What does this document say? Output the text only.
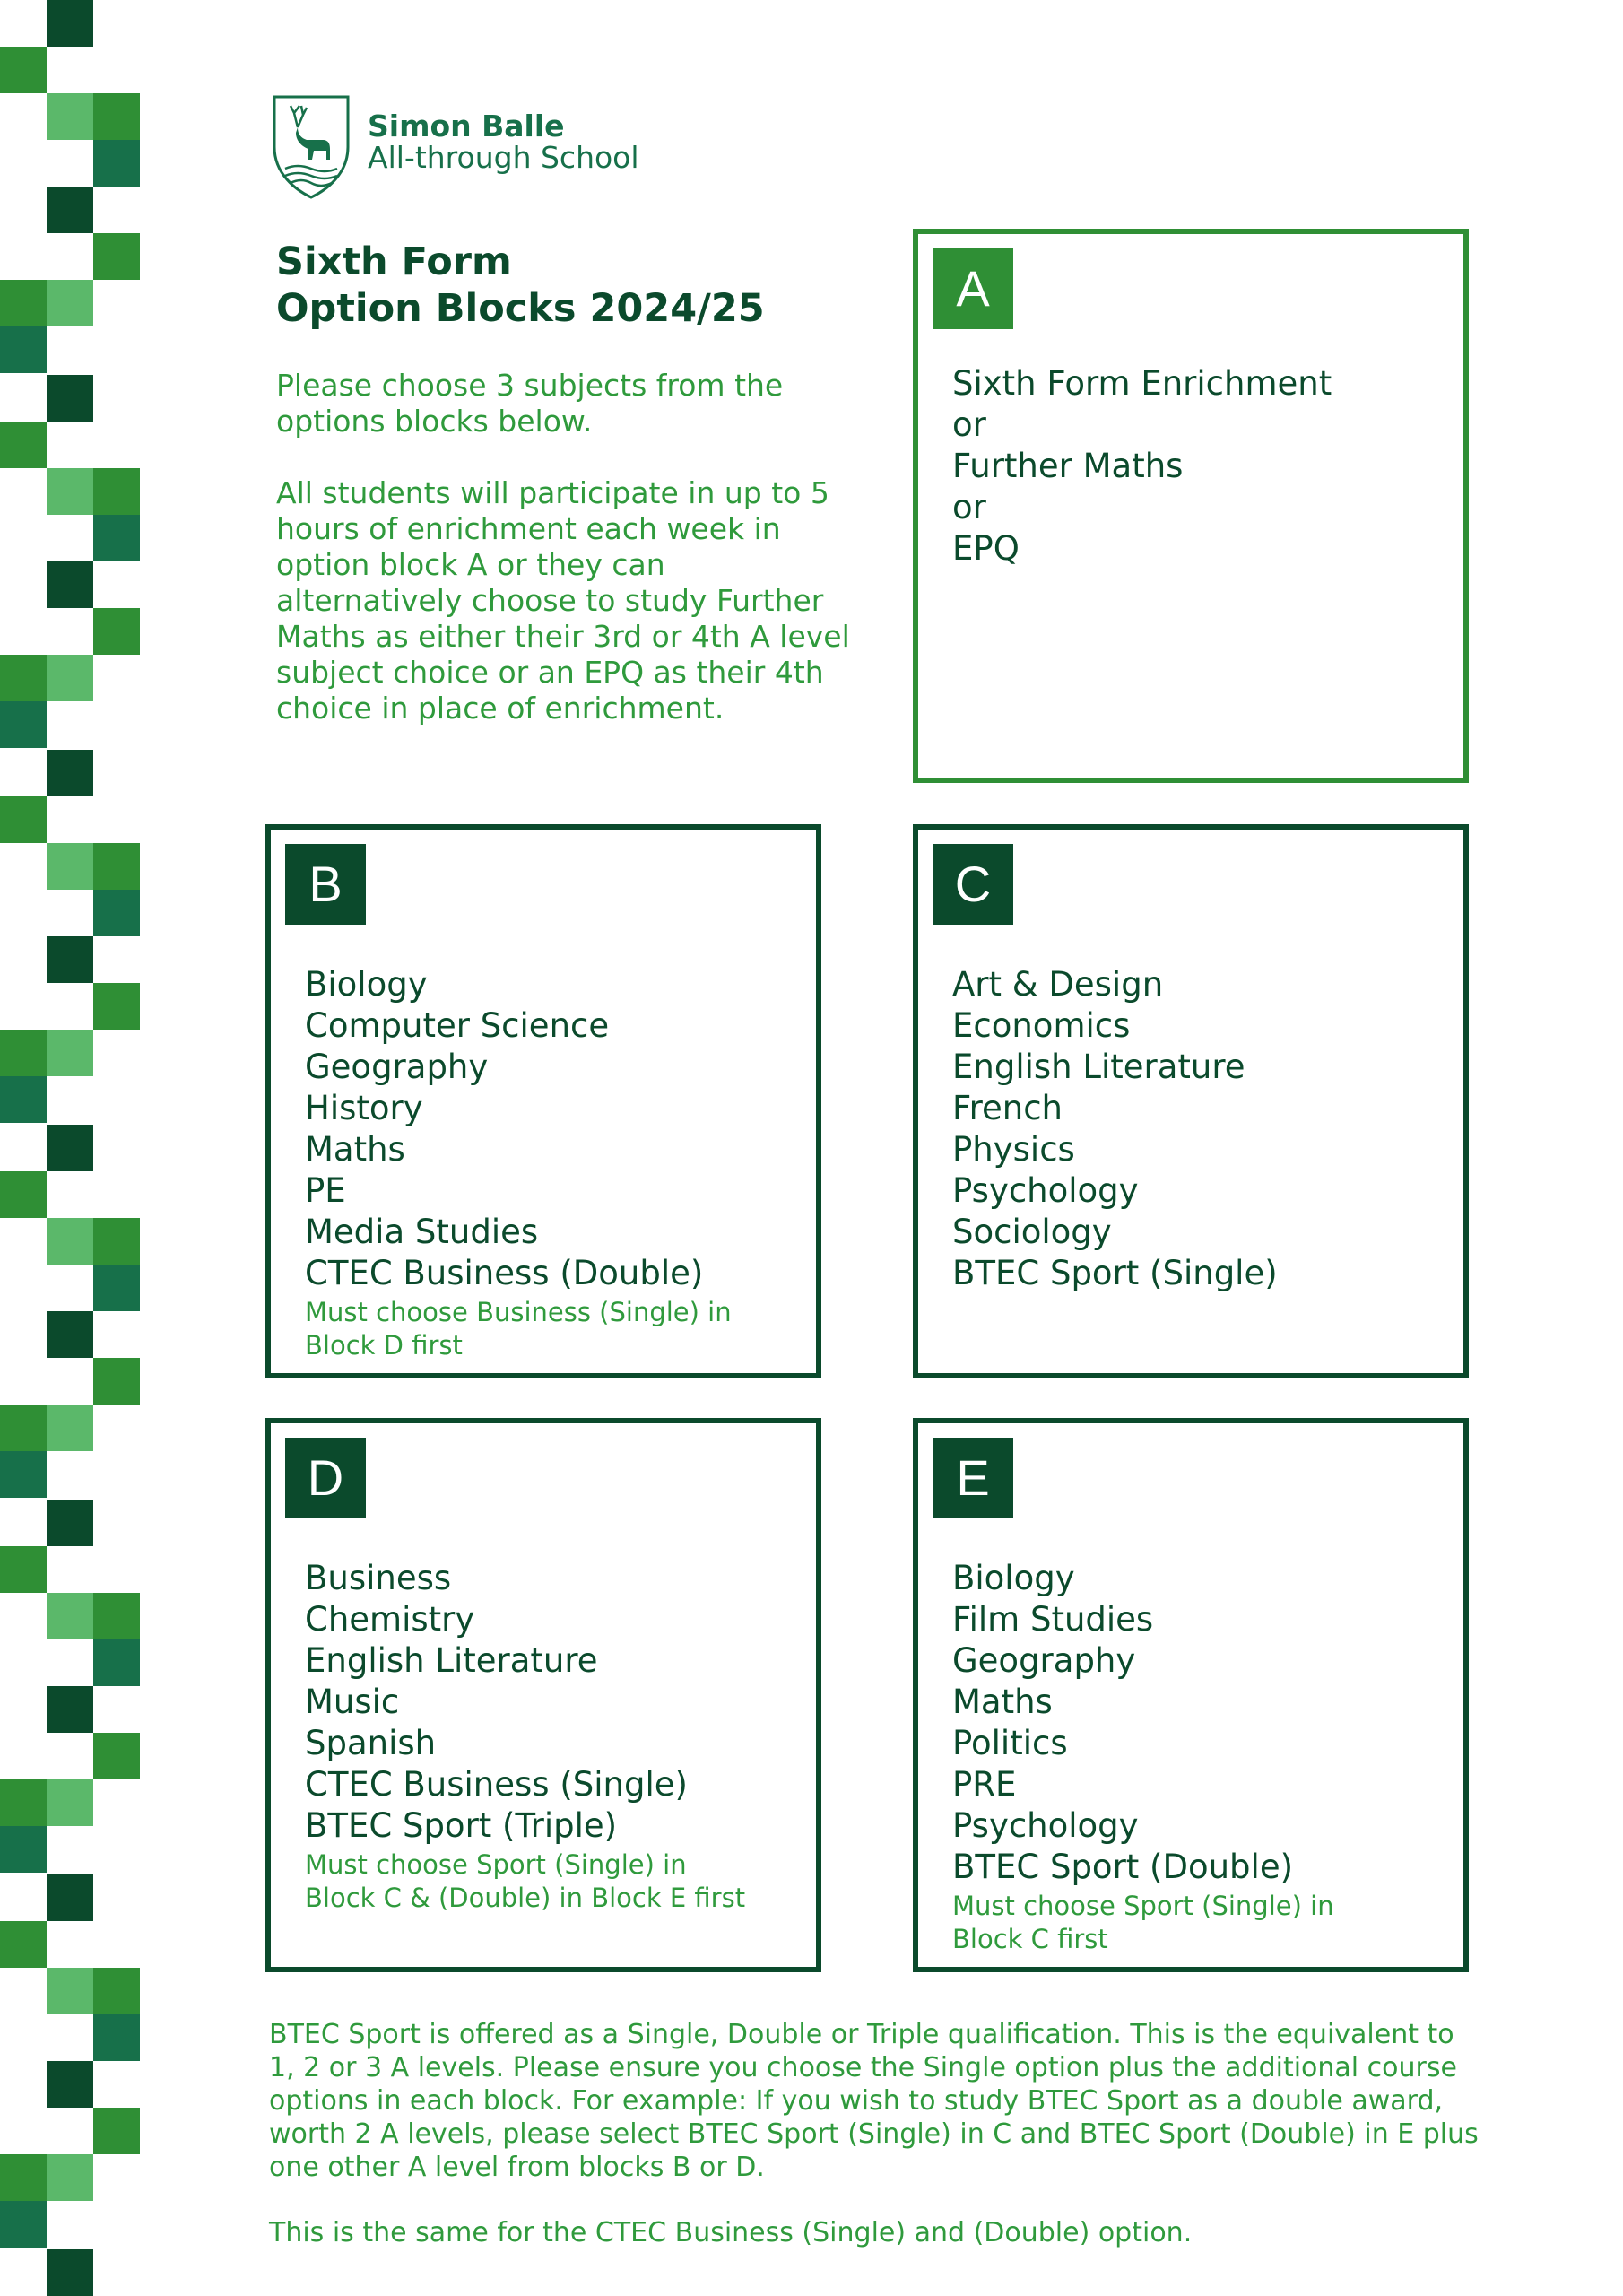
Simon Balle
All-through School
Sixth Form
Option Blocks 2024/25

Please choose 3 subjects from the options blocks below.

All students will participate in up to 5 hours of enrichment each week in option block A or they can alternatively choose to study Further Maths as either their 3rd or 4th A level subject choice or an EPQ as their 4th choice in place of enrichment.

A
Sixth Form Enrichment
or
Further Maths
or
EPQ
B
Biology
Computer Science
Geography
History
Maths
PE
Media Studies
CTEC Business (Double)
Must choose Business (Single) in
Block D first
C
Art & Design
Economics
English Literature
French
Physics
Psychology
Sociology
BTEC Sport (Single)
D
Business
Chemistry
English Literature
Music
Spanish
CTEC Business (Single)
BTEC Sport (Triple)
Must choose Sport (Single) in
Block C & (Double) in Block E first
E
Biology
Film Studies
Geography
Maths
Politics
PRE
Psychology
BTEC Sport (Double)
Must choose Sport (Single) in
Block C first

BTEC Sport is offered as a Single, Double or Triple qualification. This is the equivalent to 1, 2 or 3 A levels. Please ensure you choose the Single option plus the additional course options in each block. For example: If you wish to study BTEC Sport as a double award, worth 2 A levels, please select BTEC Sport (Single) in C and BTEC Sport (Double) in E plus one other A level from blocks B or D.

This is the same for the CTEC Business (Single) and (Double) option.
